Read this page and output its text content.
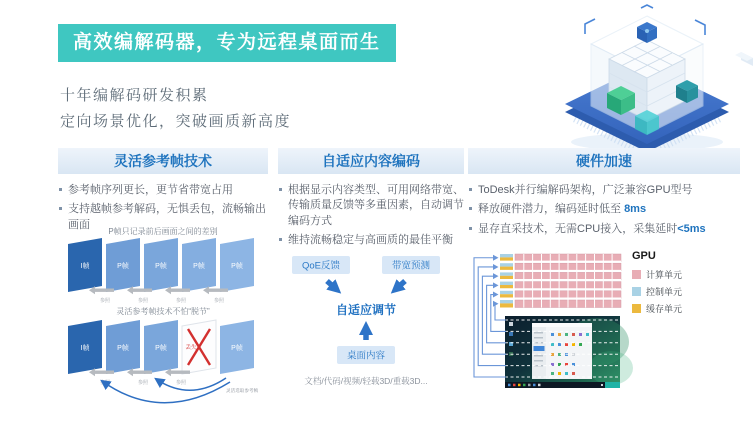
高效编解码器，专为远程桌面而生
十年编解码研发积累
定向场景优化，突破画质新高度
灵活参考帧技术
参考帧序列更长，更节省带宽占用
支持越帧参考解码，无惧丢包，流畅输出画面
P帧只记录前后画面之间的差别
I帧	P帧	P帧	P帧	P帧
参照	参照	参照	参照
灵活参考帧技术不怕“脱节”
I帧	P帧	P帧	丢失	P帧
参照	参照	参照
灵活选取参考帧
自适应内容编码
根据显示内容类型、可用网络带宽、传输质量反馈等多重因素，自动调节编码方式
维持流畅稳定与高画质的最佳平衡
QoE反馈	带宽预测
自适应调节
桌面内容
文档/代码/视频/轻载3D/重载3D...
硬件加速
ToDesk并行编解码架构，广泛兼容GPU型号
释放硬件潜力，编码延时低至 8ms
显存直采技术，无需CPU接入，采集延时<5ms
GPU
计算单元
控制单元
缓存单元
